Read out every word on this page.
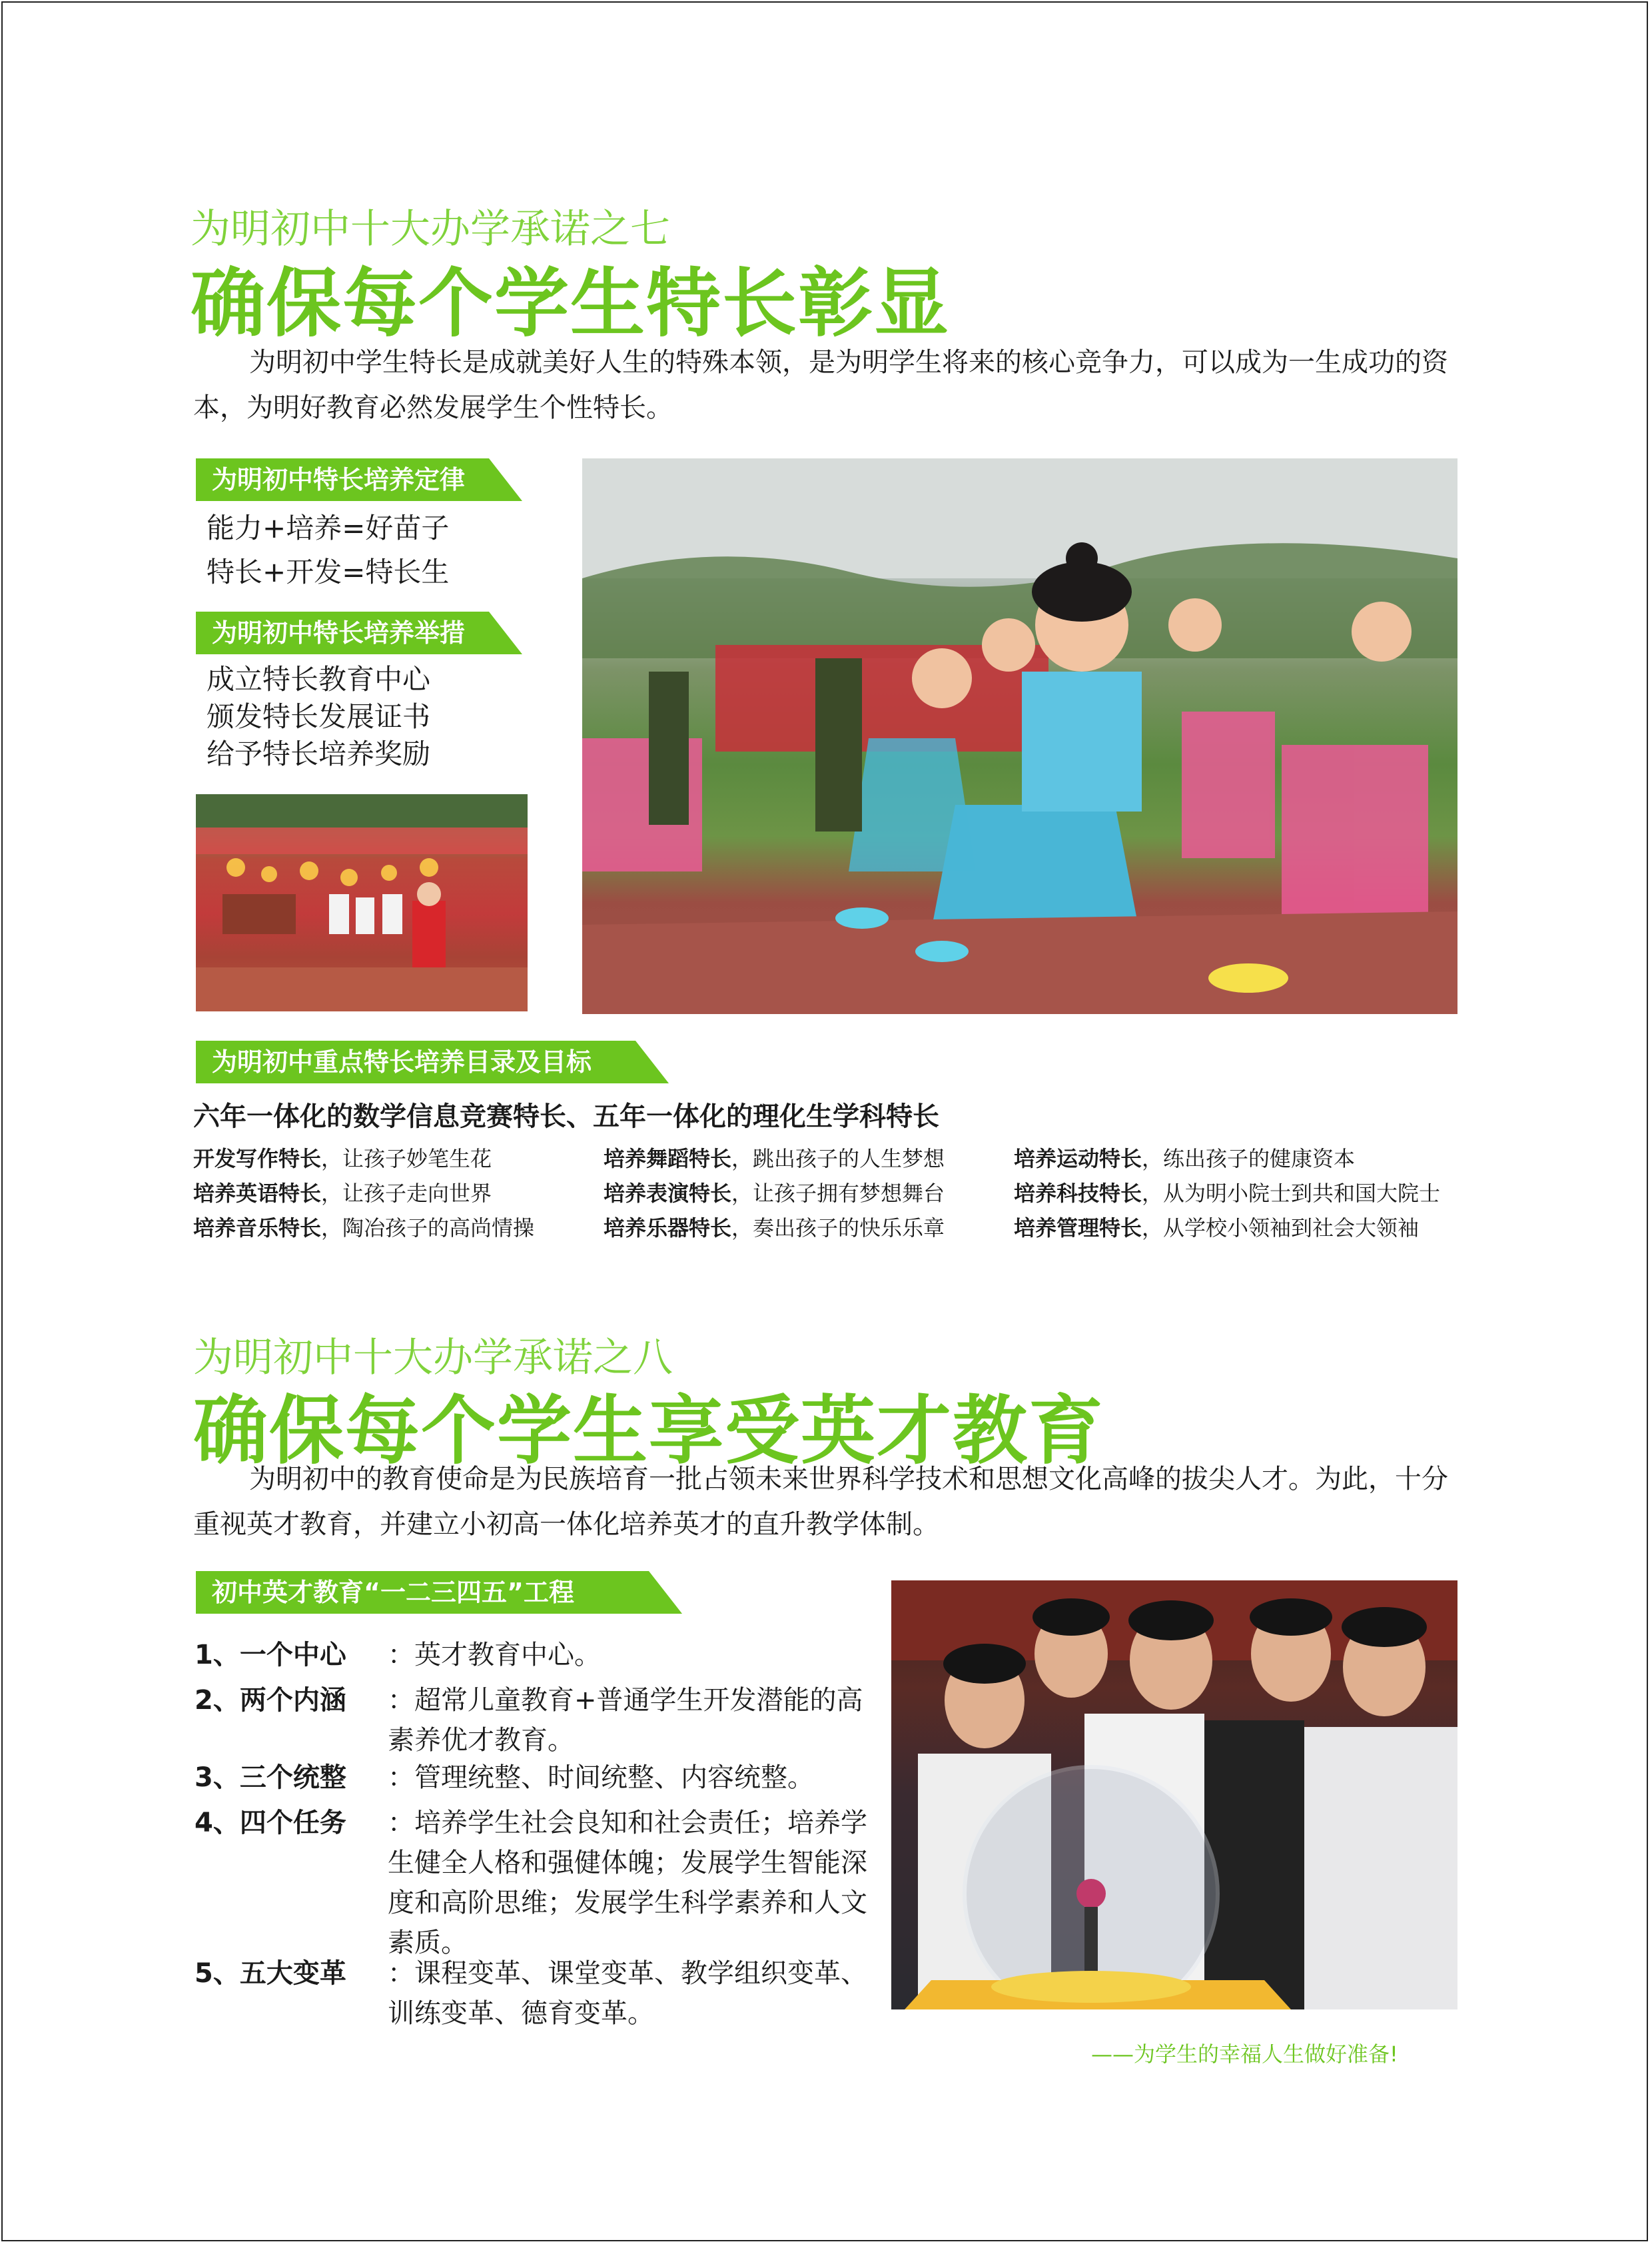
为明初中十大办学承诺之七
确保每个学生特长彰显
为明初中学生特长是成就美好人生的特殊本领，是为明学生将来的核心竞争力，可以成为一生成功的资本，为明好教育必然发展学生个性特长。
为明初中特长培养定律
能力+培养=好苗子
特长+开发=特长生
为明初中特长培养举措
成立特长教育中心
颁发特长发展证书
给予特长培养奖励
为明初中重点特长培养目录及目标
六年一体化的数学信息竞赛特长、五年一体化的理化生学科特长
开发写作特长，让孩子妙笔生花	培养舞蹈特长，跳出孩子的人生梦想	培养运动特长，练出孩子的健康资本
培养英语特长，让孩子走向世界	培养表演特长，让孩子拥有梦想舞台	培养科技特长，从为明小院士到共和国大院士
培养音乐特长，陶冶孩子的高尚情操	培养乐器特长，奏出孩子的快乐乐章	培养管理特长，从学校小领袖到社会大领袖
为明初中十大办学承诺之八
确保每个学生享受英才教育
为明初中的教育使命是为民族培育一批占领未来世界科学技术和思想文化高峰的拔尖人才。为此，十分重视英才教育，并建立小初高一体化培养英才的直升教学体制。
初中英才教育“一二三四五”工程
1、一个中心 ：英才教育中心。
2、两个内涵 ：超常儿童教育+普通学生开发潜能的高素养优才教育。
3、三个统整 ：管理统整、时间统整、内容统整。
4、四个任务 ：培养学生社会良知和社会责任；培养学生健全人格和强健体魄；发展学生智能深度和高阶思维；发展学生科学素养和人文素质。
5、五大变革 ：课程变革、课堂变革、教学组织变革、训练变革、德育变革。
——为学生的幸福人生做好准备!
